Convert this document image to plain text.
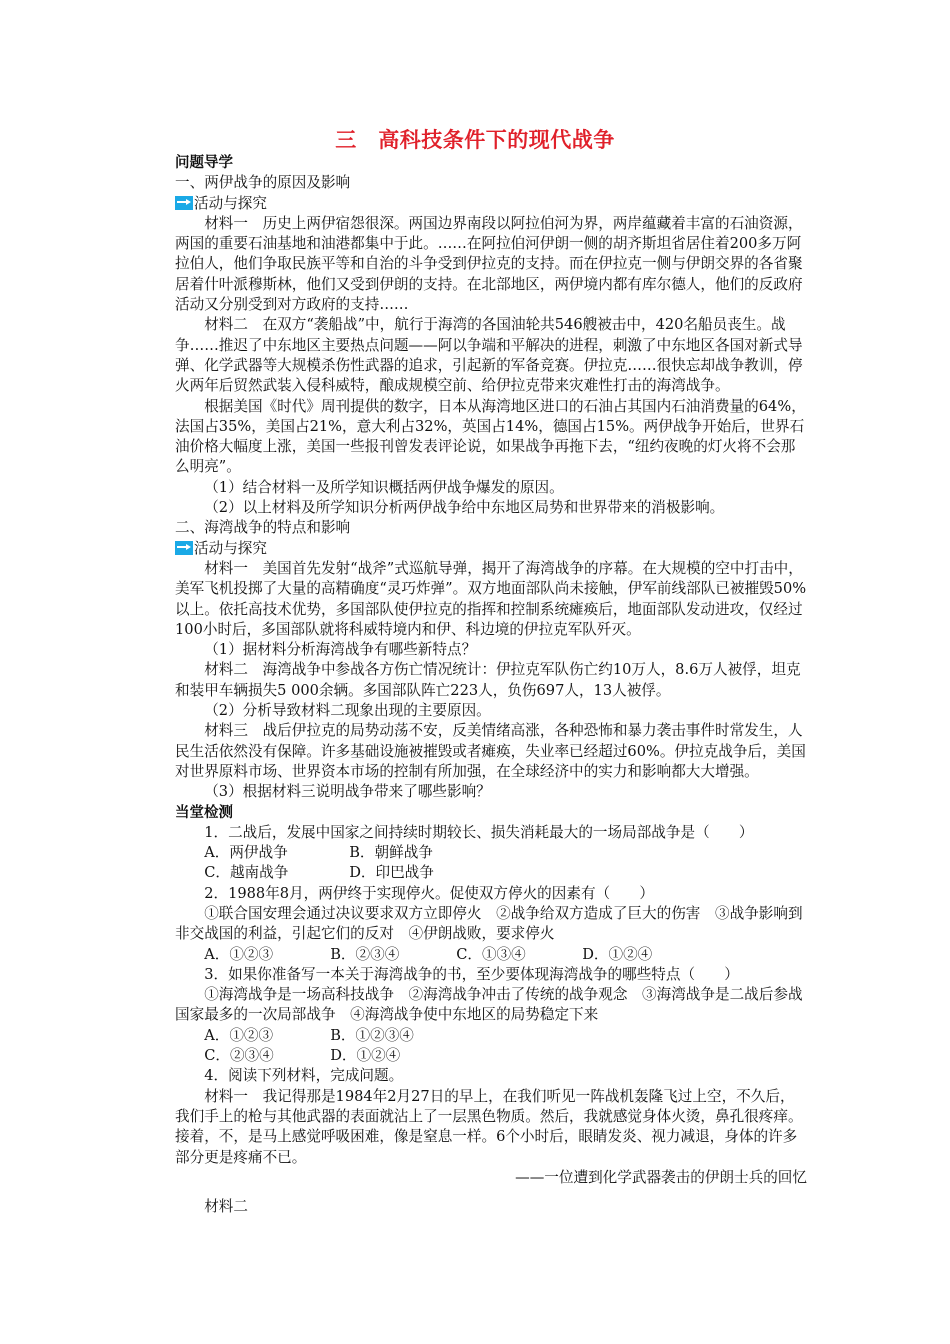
三　高科技条件下的现代战争

问题导学

一、两伊战争的原因及影响

活动与探究

材料一　历史上两伊宿怨很深。两国边界南段以阿拉伯河为界，两岸蕴藏着丰富的石油资源，两国的重要石油基地和油港都集中于此。……在阿拉伯河伊朗一侧的胡齐斯坦省居住着200多万阿拉伯人，他们争取民族平等和自治的斗争受到伊拉克的支持。而在伊拉克一侧与伊朗交界的各省聚居着什叶派穆斯林，他们又受到伊朗的支持。在北部地区，两伊境内都有库尔德人，他们的反政府活动又分别受到对方政府的支持……

材料二　在双方“袭船战”中，航行于海湾的各国油轮共546艘被击中，420名船员丧生。战争……推迟了中东地区主要热点问题——阿以争端和平解决的进程，刺激了中东地区各国对新式导弹、化学武器等大规模杀伤性武器的追求，引起新的军备竞赛。伊拉克……很快忘却战争教训，停火两年后贸然武装入侵科威特，酿成规模空前、给伊拉克带来灾难性打击的海湾战争。

根据美国《时代》周刊提供的数字，日本从海湾地区进口的石油占其国内石油消费量的64%，法国占35%，美国占21%，意大利占32%，英国占14%，德国占15%。两伊战争开始后，世界石油价格大幅度上涨，美国一些报刊曾发表评论说，如果战争再拖下去，“纽约夜晚的灯火将不会那么明亮”。

（1）结合材料一及所学知识概括两伊战争爆发的原因。

（2）以上材料及所学知识分析两伊战争给中东地区局势和世界带来的消极影响。

二、海湾战争的特点和影响

活动与探究

材料一　美国首先发射“战斧”式巡航导弹，揭开了海湾战争的序幕。在大规模的空中打击中，美军飞机投掷了大量的高精确度“灵巧炸弹”。双方地面部队尚未接触，伊军前线部队已被摧毁50%以上。依托高技术优势，多国部队使伊拉克的指挥和控制系统瘫痪后，地面部队发动进攻，仅经过100小时后，多国部队就将科威特境内和伊、科边境的伊拉克军队歼灭。

（1）据材料分析海湾战争有哪些新特点？

材料二　海湾战争中参战各方伤亡情况统计：伊拉克军队伤亡约10万人，8.6万人被俘，坦克和装甲车辆损失5 000余辆。多国部队阵亡223人，负伤697人，13人被俘。

（2）分析导致材料二现象出现的主要原因。

材料三　战后伊拉克的局势动荡不安，反美情绪高涨，各种恐怖和暴力袭击事件时常发生，人民生活依然没有保障。许多基础设施被摧毁或者瘫痪，失业率已经超过60%。伊拉克战争后，美国对世界原料市场、世界资本市场的控制有所加强，在全球经济中的实力和影响都大大增强。

（3）根据材料三说明战争带来了哪些影响？

当堂检测

1．二战后，发展中国家之间持续时期较长、损失消耗最大的一场局部战争是（　　）

A．两伊战争	B．朝鲜战争
C．越南战争	D．印巴战争

2．1988年8月，两伊终于实现停火。促使双方停火的因素有（　　）

①联合国安理会通过决议要求双方立即停火　②战争给双方造成了巨大的伤害　③战争影响到非交战国的利益，引起它们的反对　④伊朗战败，要求停火

A．①②③	B．②③④	C．①③④	D．①②④

3．如果你准备写一本关于海湾战争的书，至少要体现海湾战争的哪些特点（　　）

①海湾战争是一场高科技战争　②海湾战争冲击了传统的战争观念　③海湾战争是二战后参战国家最多的一次局部战争　④海湾战争使中东地区的局势稳定下来

A．①②③	B．①②③④
C．②③④	D．①②④

4．阅读下列材料，完成问题。

材料一　我记得那是1984年2月27日的早上，在我们听见一阵战机轰隆飞过上空，不久后，我们手上的枪与其他武器的表面就沾上了一层黑色物质。然后，我就感觉身体火烫，鼻孔很疼痒。接着，不，是马上感觉呼吸困难，像是窒息一样。6个小时后，眼睛发炎、视力减退，身体的许多部分更是疼痛不已。

——一位遭到化学武器袭击的伊朗士兵的回忆

材料二
